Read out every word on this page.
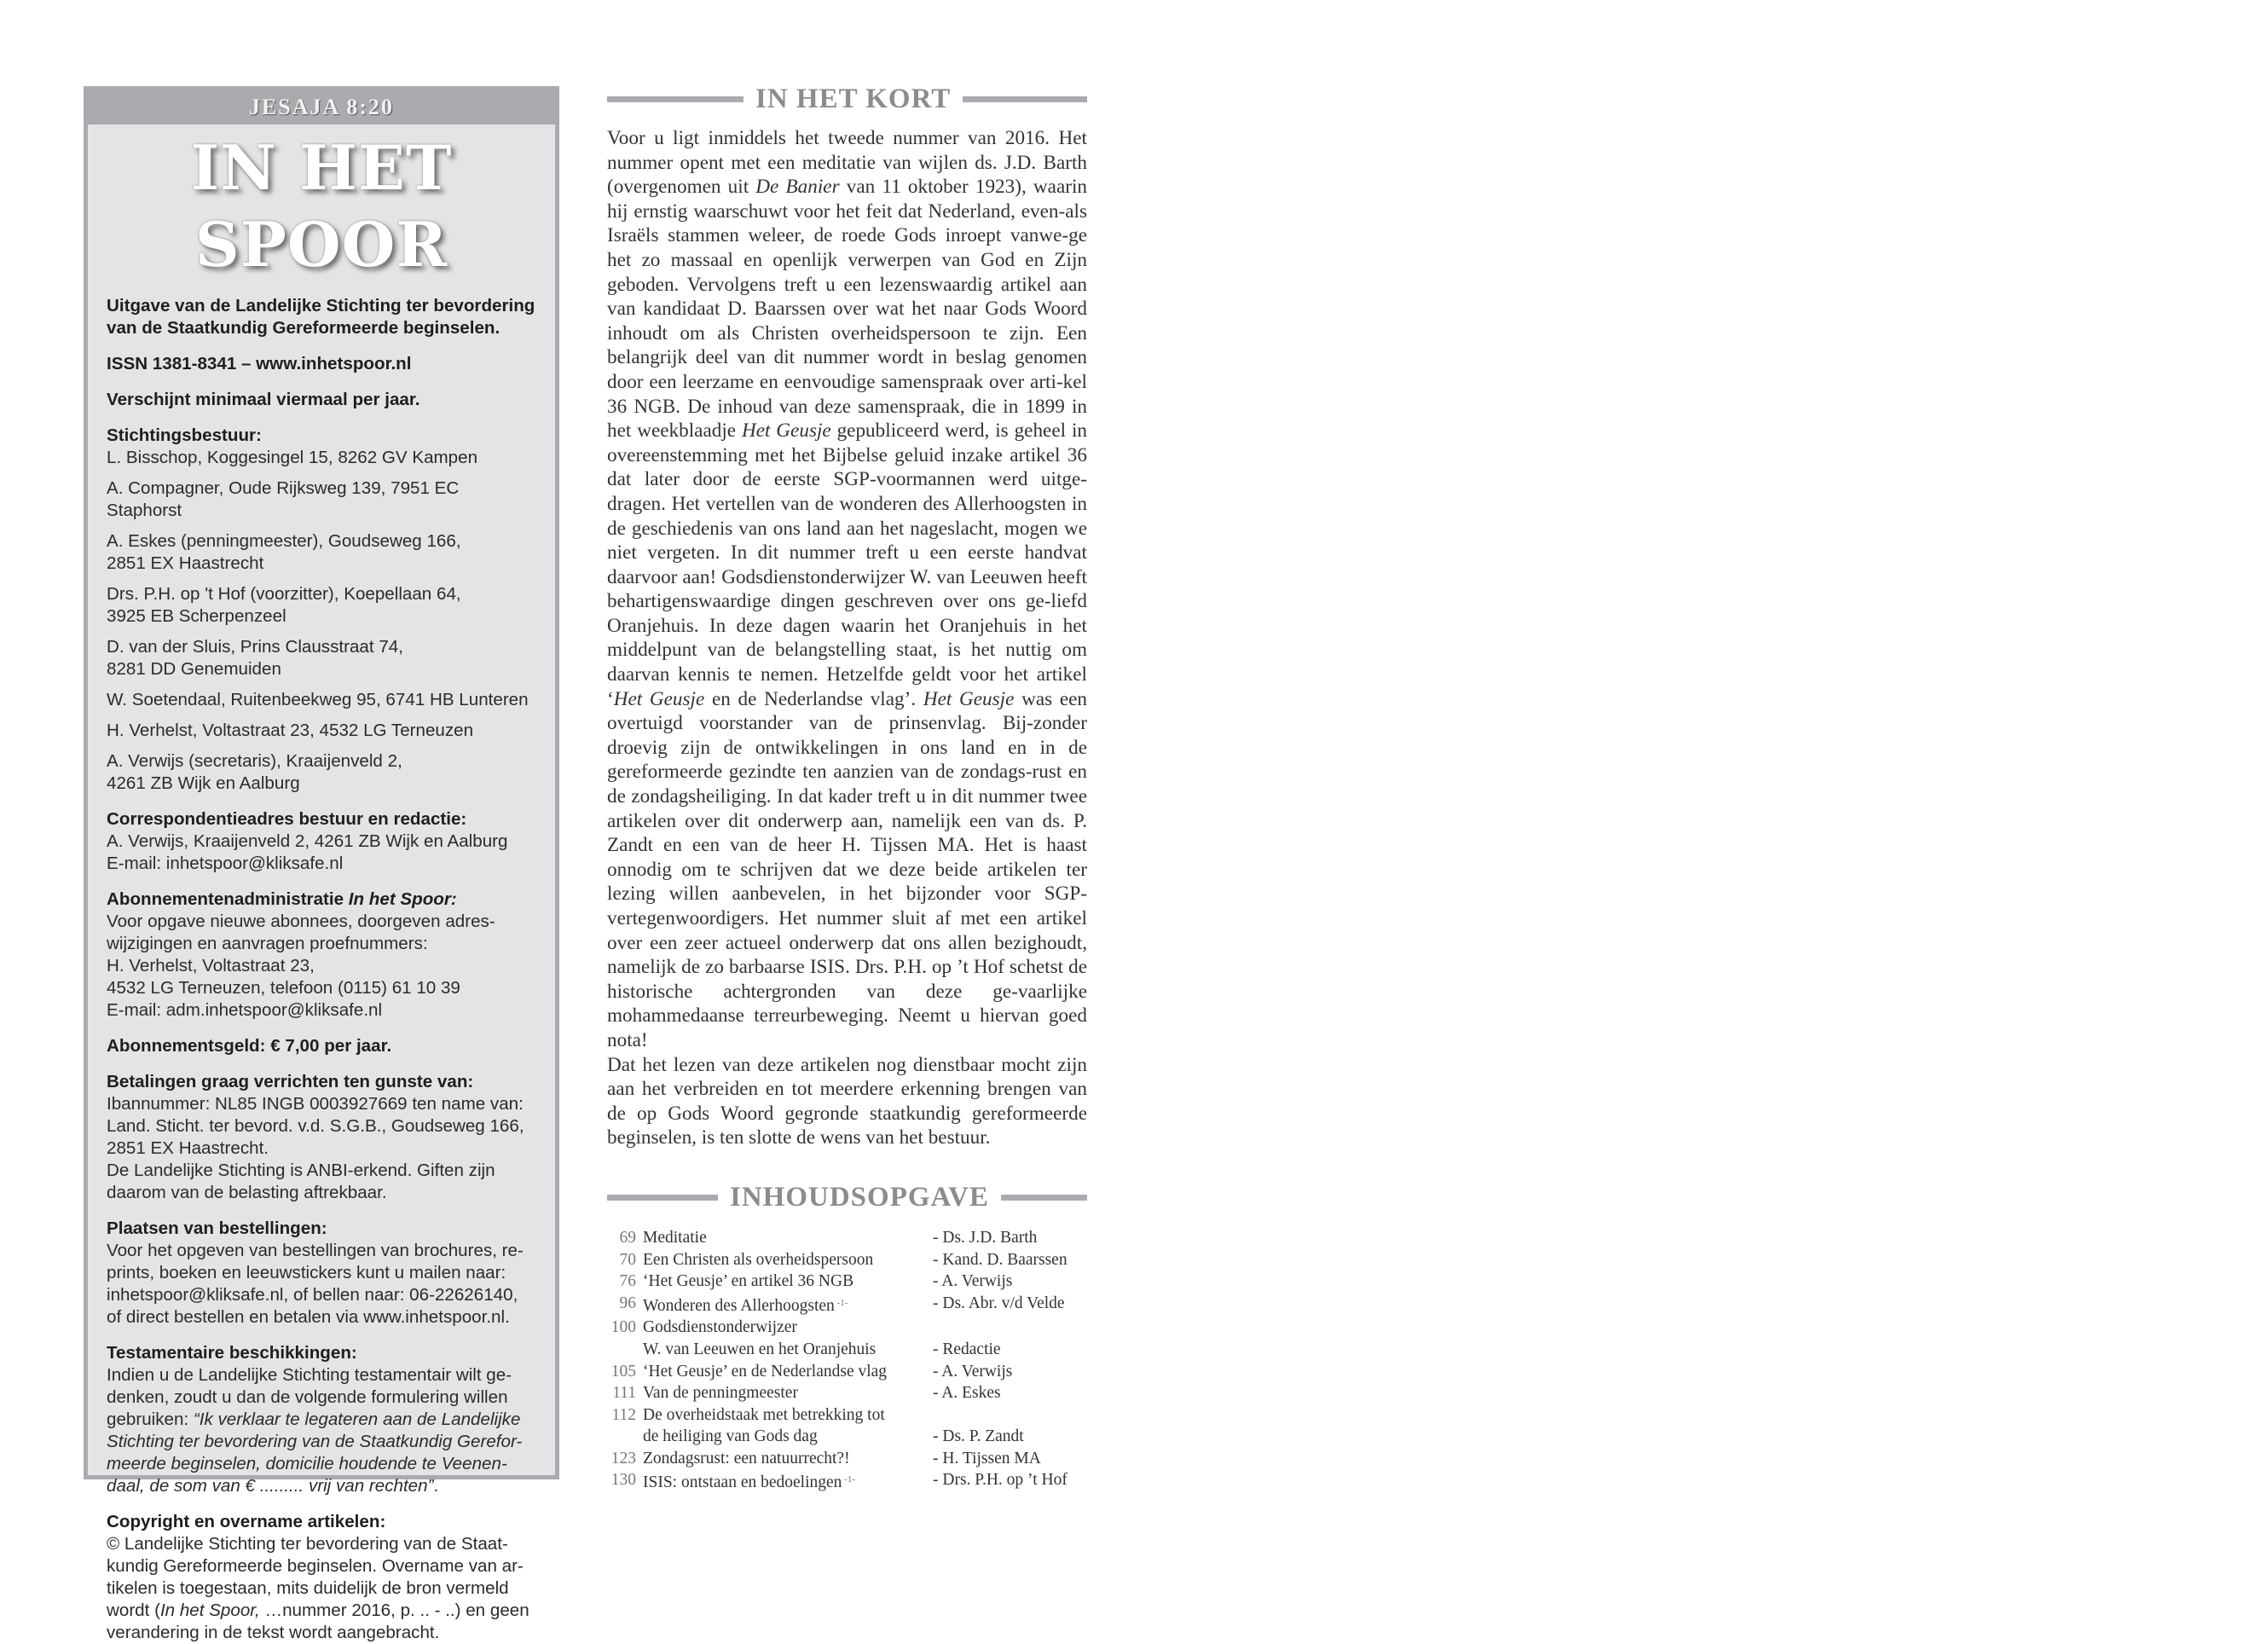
JESAJA 8:20
IN HET SPOOR

Uitgave van de Landelijke Stichting ter bevordering van de Staatkundig Gereformeerde beginselen.

ISSN 1381-8341 – www.inhetspoor.nl

Verschijnt minimaal viermaal per jaar.

Stichtingsbestuur:

L. Bisschop, Koggesingel 15, 8262 GV Kampen

A. Compagner, Oude Rijksweg 139, 7951 EC Staphorst

A. Eskes (penningmeester), Goudseweg 166,
2851 EX Haastrecht

Drs. P.H. op 't Hof (voorzitter), Koepellaan 64,
3925 EB Scherpenzeel

D. van der Sluis, Prins Clausstraat 74,
8281 DD Genemuiden

W. Soetendaal, Ruitenbeekweg 95, 6741 HB Lunteren

H. Verhelst, Voltastraat 23, 4532 LG Terneuzen

A. Verwijs (secretaris), Kraaijenveld 2,
4261 ZB Wijk en Aalburg

Correspondentieadres bestuur en redactie:
A. Verwijs, Kraaijenveld 2, 4261 ZB Wijk en Aalburg
E-mail: inhetspoor@kliksafe.nl

Abonnementenadministratie In het Spoor:
Voor opgave nieuwe abonnees, doorgeven adres-
wijzigingen en aanvragen proefnummers:
H. Verhelst, Voltastraat 23,
4532 LG Terneuzen, telefoon (0115) 61 10 39
E-mail: adm.inhetspoor@kliksafe.nl

Abonnementsgeld: € 7,00 per jaar.

Betalingen graag verrichten ten gunste van:
Ibannummer: NL85 INGB 0003927669 ten name van:
Land. Sticht. ter bevord. v.d. S.G.B., Goudseweg 166,
2851 EX Haastrecht.
De Landelijke Stichting is ANBI-erkend. Giften zijn
daarom van de belasting aftrekbaar.

Plaatsen van bestellingen:
Voor het opgeven van bestellingen van brochures, re-
prints, boeken en leeuwstickers kunt u mailen naar:
inhetspoor@kliksafe.nl, of bellen naar: 06-22626140,
of direct bestellen en betalen via www.inhetspoor.nl.

Testamentaire beschikkingen:
Indien u de Landelijke Stichting testamentair wilt ge-
denken, zoudt u dan de volgende formulering willen
gebruiken: “Ik verklaar te legateren aan de Landelijke
Stichting ter bevordering van de Staatkundig Gerefor-
meerde beginselen, domicilie houdende te Veenen-
daal, de som van € ......... vrij van rechten”.

Copyright en overname artikelen:
© Landelijke Stichting ter bevordering van de Staat-
kundig Gereformeerde beginselen. Overname van ar-
tikelen is toegestaan, mits duidelijk de bron vermeld
wordt (In het Spoor, …nummer 2016, p. .. - ..) en geen
verandering in de tekst wordt aangebracht.

IN HET KORT

Voor u ligt inmiddels het tweede nummer van 2016. Het nummer opent met een meditatie van wijlen ds. J.D. Barth (overgenomen uit De Banier van 11 oktober 1923), waarin hij ernstig waarschuwt voor het feit dat Nederland, even-als Israëls stammen weleer, de roede Gods inroept vanwe-ge het zo massaal en openlijk verwerpen van God en Zijn geboden. Vervolgens treft u een lezenswaardig artikel aan van kandidaat D. Baarssen over wat het naar Gods Woord inhoudt om als Christen overheidspersoon te zijn. Een belangrijk deel van dit nummer wordt in beslag genomen door een leerzame en eenvoudige samenspraak over arti-kel 36 NGB. De inhoud van deze samenspraak, die in 1899 in het weekblaadje Het Geusje gepubliceerd werd, is geheel in overeenstemming met het Bijbelse geluid inzake artikel 36 dat later door de eerste SGP-voormannen werd uitge-dragen. Het vertellen van de wonderen des Allerhoogsten in de geschiedenis van ons land aan het nageslacht, mogen we niet vergeten. In dit nummer treft u een eerste handvat daarvoor aan! Godsdienstonderwijzer W. van Leeuwen heeft behartigenswaardige dingen geschreven over ons ge-liefd Oranjehuis. In deze dagen waarin het Oranjehuis in het middelpunt van de belangstelling staat, is het nuttig om daarvan kennis te nemen. Hetzelfde geldt voor het artikel ‘Het Geusje en de Nederlandse vlag’. Het Geusje was een overtuigd voorstander van de prinsenvlag. Bij-zonder droevig zijn de ontwikkelingen in ons land en in de gereformeerde gezindte ten aanzien van de zondags-rust en de zondagsheiliging. In dat kader treft u in dit nummer twee artikelen over dit onderwerp aan, namelijk een van ds. P. Zandt en een van de heer H. Tijssen MA. Het is haast onnodig om te schrijven dat we deze beide artikelen ter lezing willen aanbevelen, in het bijzonder voor SGP-vertegenwoordigers. Het nummer sluit af met een artikel over een zeer actueel onderwerp dat ons allen bezighoudt, namelijk de zo barbaarse ISIS. Drs. P.H. op ’t Hof schetst de historische achtergronden van deze ge-vaarlijke mohammedaanse terreurbeweging. Neemt u hiervan goed nota!

Dat het lezen van deze artikelen nog dienstbaar mocht zijn aan het verbreiden en tot meerdere erkenning brengen van de op Gods Woord gegronde staatkundig gereformeerde beginselen, is ten slotte de wens van het bestuur.

INHOUDSOPGAVE
69 Meditatie	- Ds. J.D. Barth
70 Een Christen als overheidspersoon	- Kand. D. Baarssen
76 ‘Het Geusje’ en artikel 36 NGB	- A. Verwijs
96 Wonderen des Allerhoogsten $^{-1-}$	- Ds. Abr. v/d Velde
100 Godsdienstonderwijzer
W. van Leeuwen en het Oranjehuis	- Redactie
105 ‘Het Geusje’ en de Nederlandse vlag	- A. Verwijs
111 Van de penningmeester	- A. Eskes
112 De overheidstaak met betrekking tot
de heiliging van Gods dag	- Ds. P. Zandt
123 Zondagsrust: een natuurrecht?!	- H. Tijssen MA
130 ISIS: ontstaan en bedoelingen $^{-1-}$	- Drs. P.H. op ’t Hof
